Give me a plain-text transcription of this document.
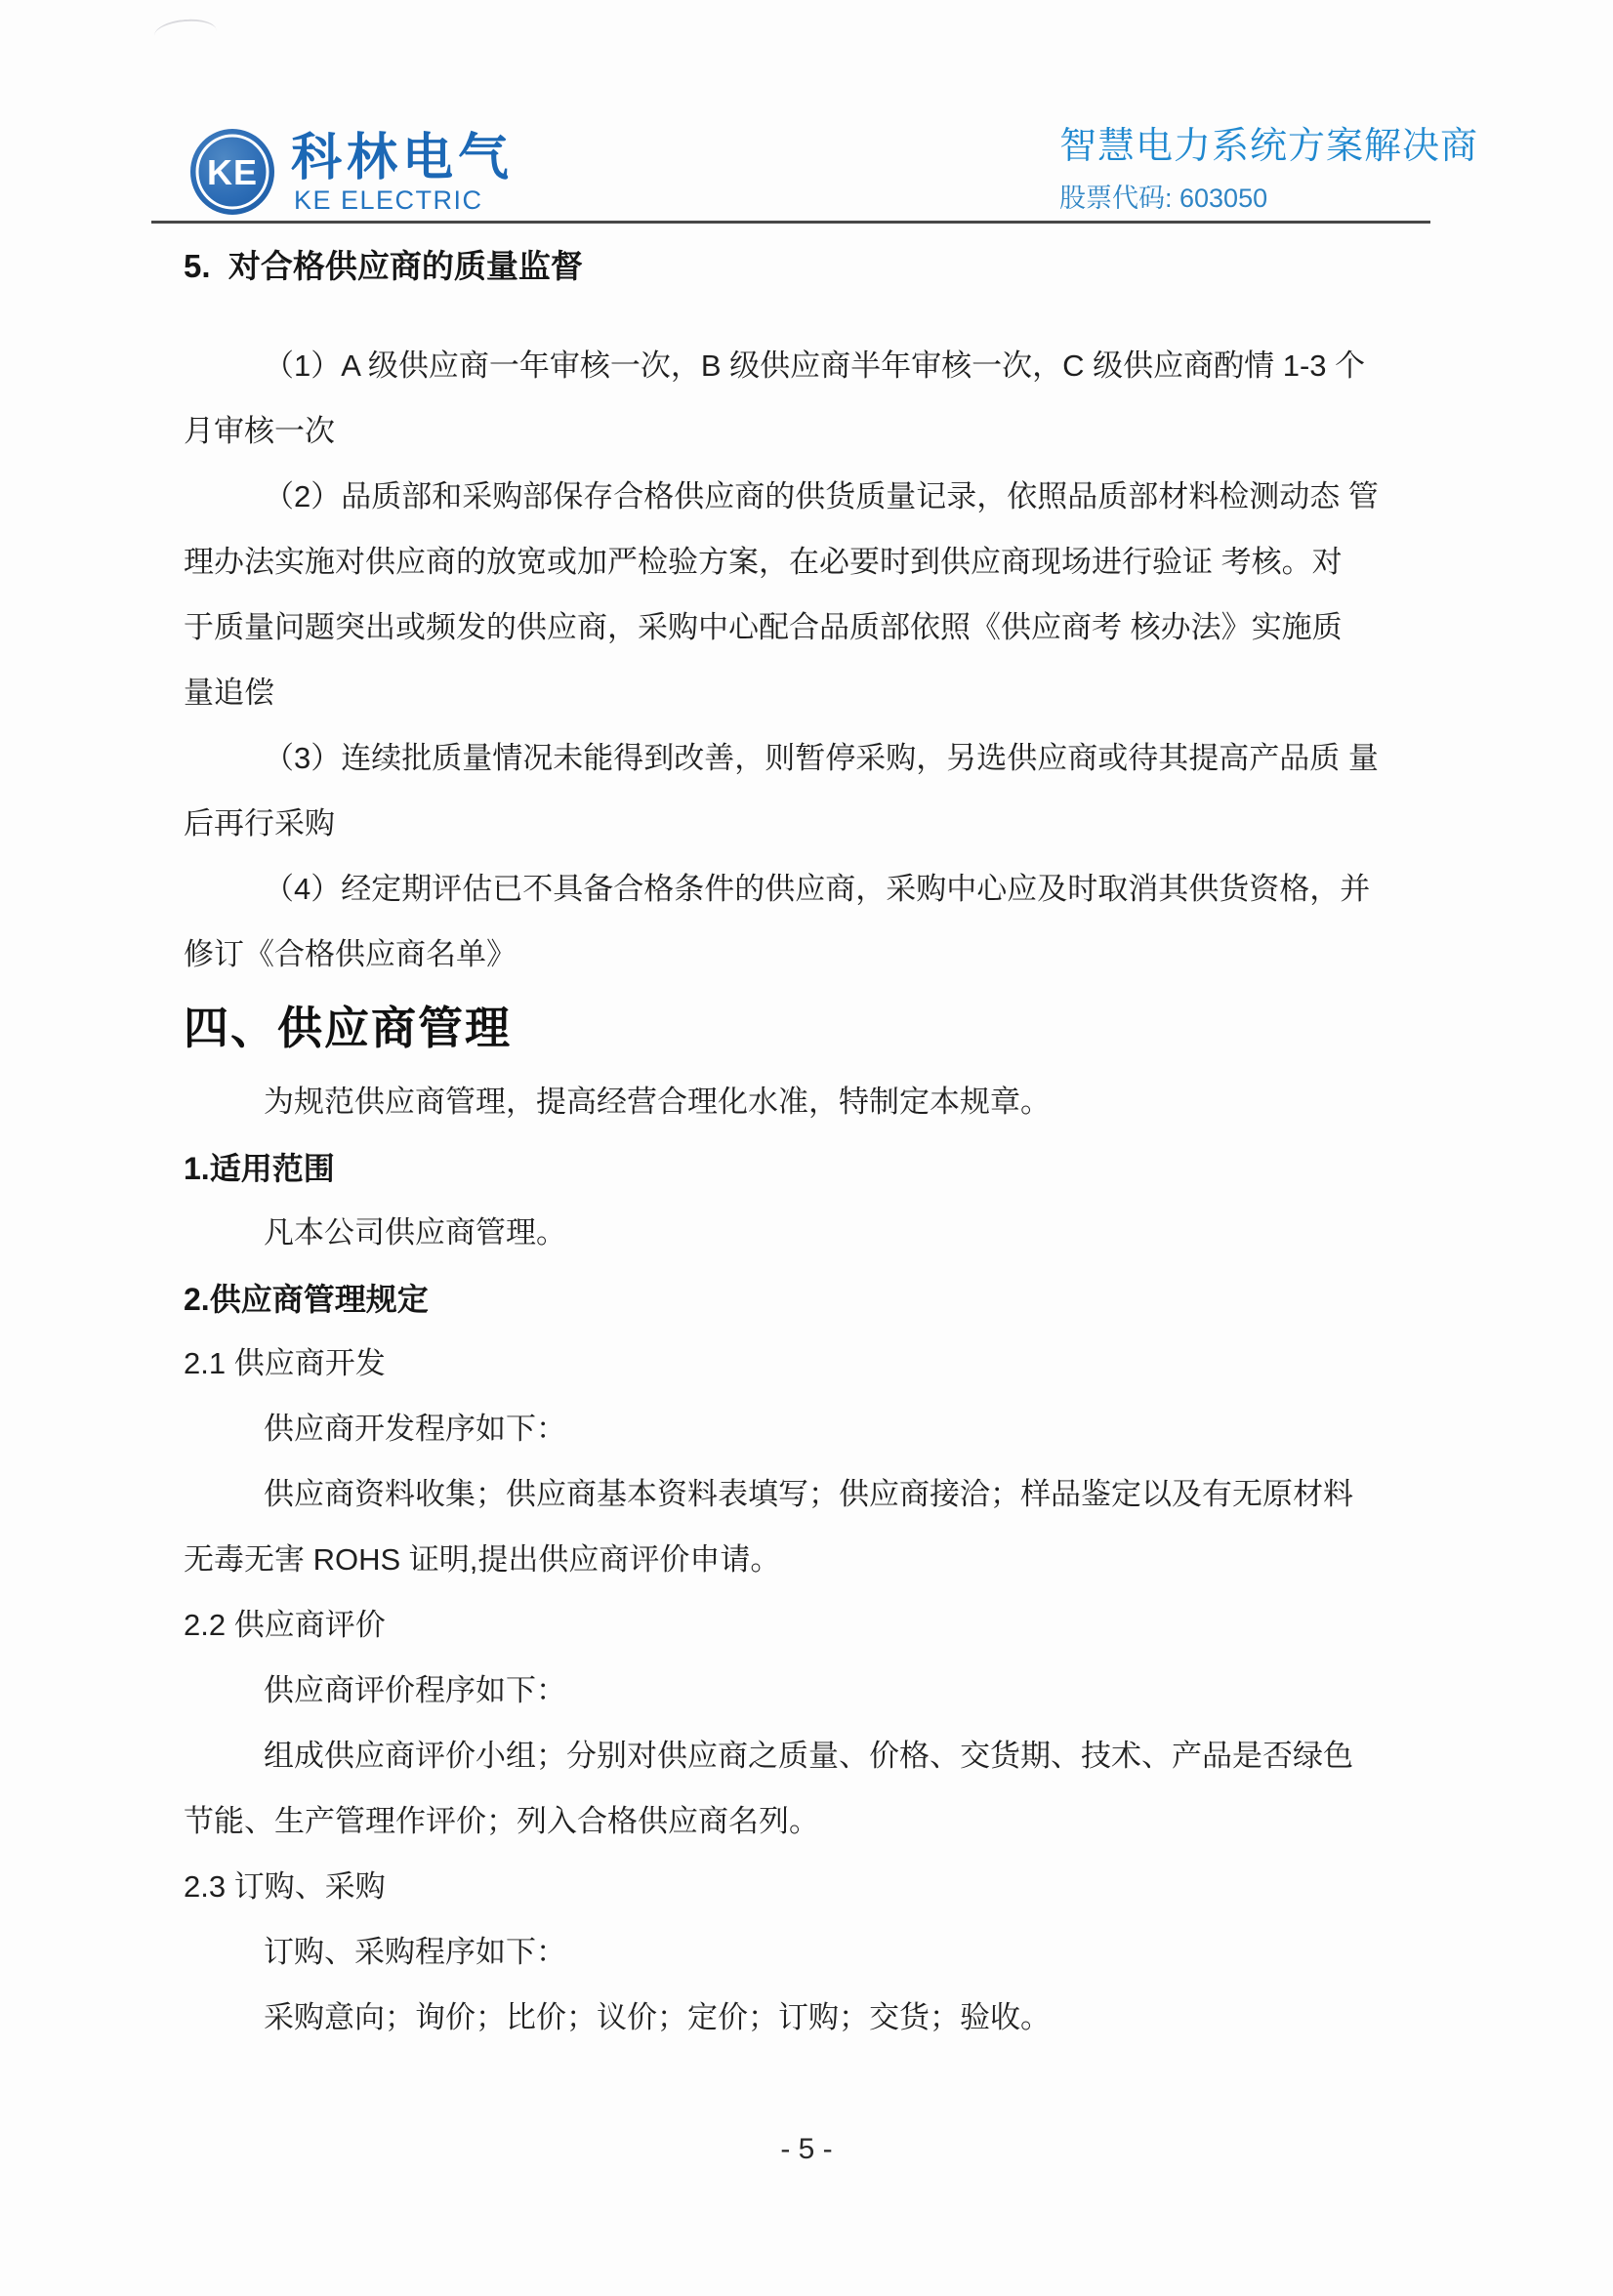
KE 科林电气
KE ELECTRIC
智慧电力系统方案解决商
股票代码: 603050
5.  对合格供应商的质量监督
（1）A 级供应商一年审核一次，B 级供应商半年审核一次，C 级供应商酌情 1-3 个
月审核一次
（2）品质部和采购部保存合格供应商的供货质量记录，依照品质部材料检测动态 管
理办法实施对供应商的放宽或加严检验方案，在必要时到供应商现场进行验证 考核。对
于质量问题突出或频发的供应商，采购中心配合品质部依照《供应商考 核办法》实施质
量追偿
（3）连续批质量情况未能得到改善，则暂停采购，另选供应商或待其提高产品质 量
后再行采购
（4）经定期评估已不具备合格条件的供应商，采购中心应及时取消其供货资格，并
修订《合格供应商名单》
四、供应商管理
为规范供应商管理，提高经营合理化水准，特制定本规章。
1.适用范围
凡本公司供应商管理。
2.供应商管理规定
2.1 供应商开发
供应商开发程序如下：
供应商资料收集；供应商基本资料表填写；供应商接洽；样品鉴定以及有无原材料
无毒无害 ROHS 证明,提出供应商评价申请。
2.2 供应商评价
供应商评价程序如下：
组成供应商评价小组；分别对供应商之质量、价格、交货期、技术、产品是否绿色
节能、生产管理作评价；列入合格供应商名列。
2.3 订购、采购
订购、采购程序如下：
采购意向；询价；比价；议价；定价；订购；交货；验收。
- 5 -
